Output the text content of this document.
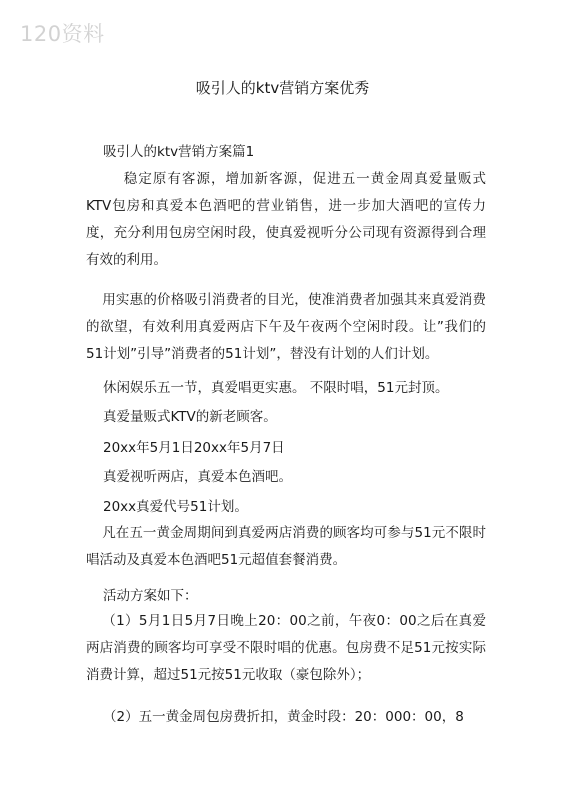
120资料
吸引人的ktv营销方案优秀
吸引人的ktv营销方案篇1

稳定原有客源，增加新客源，促进五一黄金周真爱量贩式KTV包房和真爱本色酒吧的营业销售，进一步加大酒吧的宣传力度，充分利用包房空闲时段，使真爱视听分公司现有资源得到合理有效的利用。

用实惠的价格吸引消费者的目光，使准消费者加强其来真爱消费的欲望，有效利用真爱两店下午及午夜两个空闲时段。让”我们的51计划”引导”消费者的51计划”，替没有计划的人们计划。

休闲娱乐五一节，真爱唱更实惠。 不限时唱，51元封顶。

真爱量贩式KTV的新老顾客。

20xx年5月1日20xx年5月7日

真爱视听两店，真爱本色酒吧。

20xx真爱代号51计划。

凡在五一黄金周期间到真爱两店消费的顾客均可参与51元不限时唱活动及真爱本色酒吧51元超值套餐消费。

活动方案如下：

（1）5月1日5月7日晚上20：00之前，午夜0：00之后在真爱两店消费的顾客均可享受不限时唱的优惠。包房费不足51元按实际消费计算，超过51元按51元收取（豪包除外）；

（2）五一黄金周包房费折扣，黄金时段：20：000：00，8
